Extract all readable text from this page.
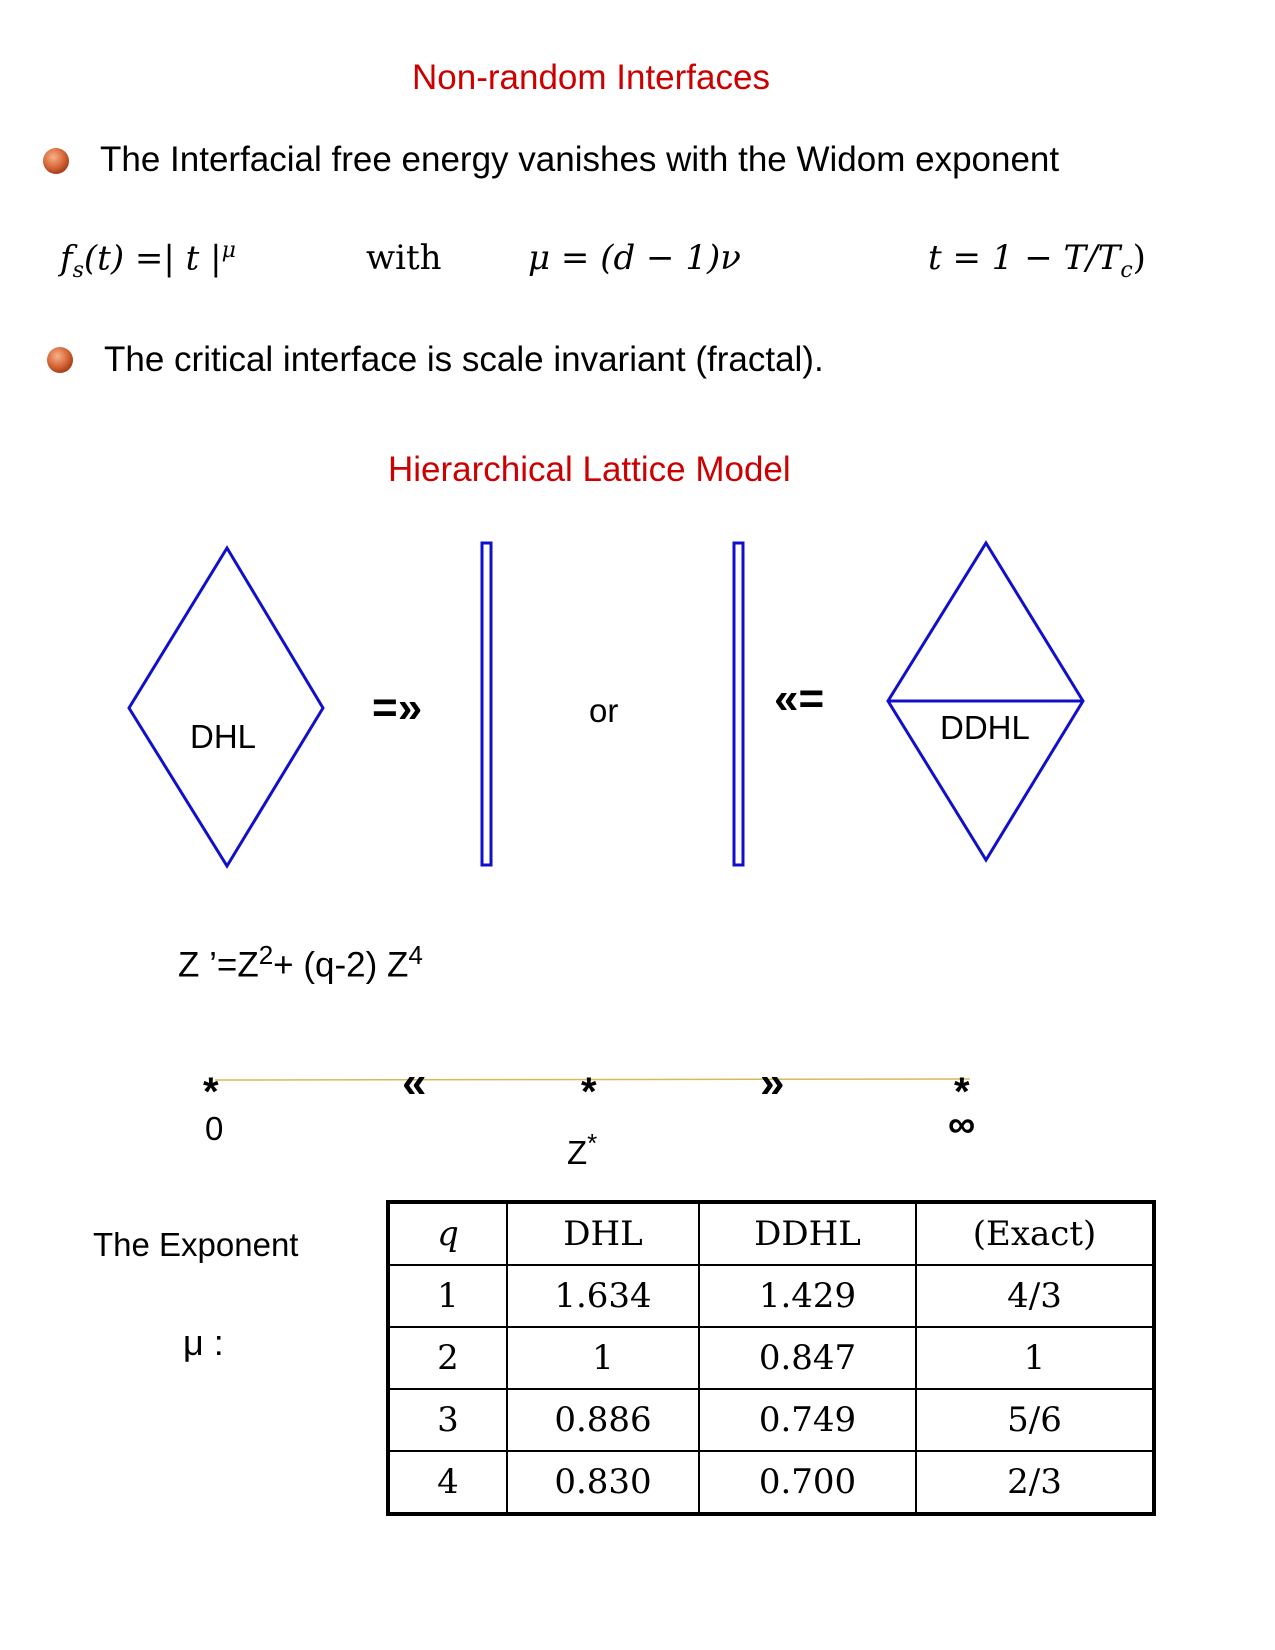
Non-random Interfaces
The Interfacial free energy vanishes with the Widom exponent
$f_s(t)$ =| t $|^\mu$	with	μ = (d − 1)ν	$t = 1 - T/T_c$)
The critical interface is scale invariant (fractal).
Hierarchical Lattice Model
DHL	DDHL
=»	«=
or
Z $’=Z^2+ (q-2)$ $Z^4$
*	*	*
«	»
0
Z*	∞
The Exponent
μ :
q	DHL	DDHL	(Exact)
1	1.634	1.429	4/3
2	1	0.847	1
3	0.886	0.749	5/6
4	0.830	0.700	2/3
